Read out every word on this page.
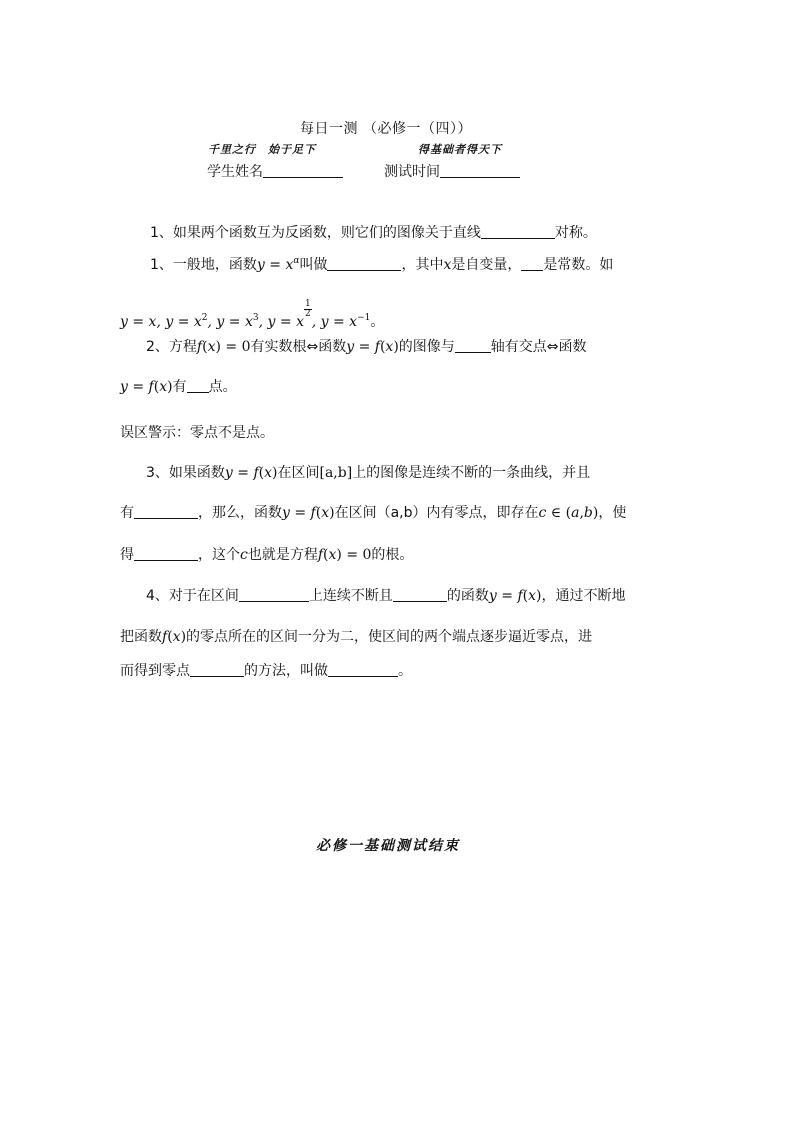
每日一测 （必修一（四））
千里之行　始于足下	得基础者得天下
学生姓名	测试时间
1、如果两个函数互为反函数，则它们的图像关于直线	对称。
1、一般地，函数$y = x^\alpha$叫做	，其中x是自变量， 是常数。如
y = x, $y = x^2$, $y = x^3$, y = x
$\frac{1}{2}$
, $y = x^{-1}$。
2、方程f(x) = 0有实数根⇔函数y = f(x)的图像与	轴有交点⇔函数
y = f(x)有 点。
误区警示：零点不是点。
3、如果函数y = f(x)在区间[a,b]上的图像是连续不断的一条曲线，并且
有	，那么，函数y = f(x)在区间（a,b）内有零点，即存在c ∈ (a,b)，使
得	，这个c也就是方程f(x) = 0的根。
4、对于在区间	上连续不断且	的函数y = f(x)，通过不断地
把函数f(x)的零点所在的区间一分为二，使区间的两个端点逐步逼近零点，进
而得到零点	的方法，叫做	。
必修一基础测试结束
